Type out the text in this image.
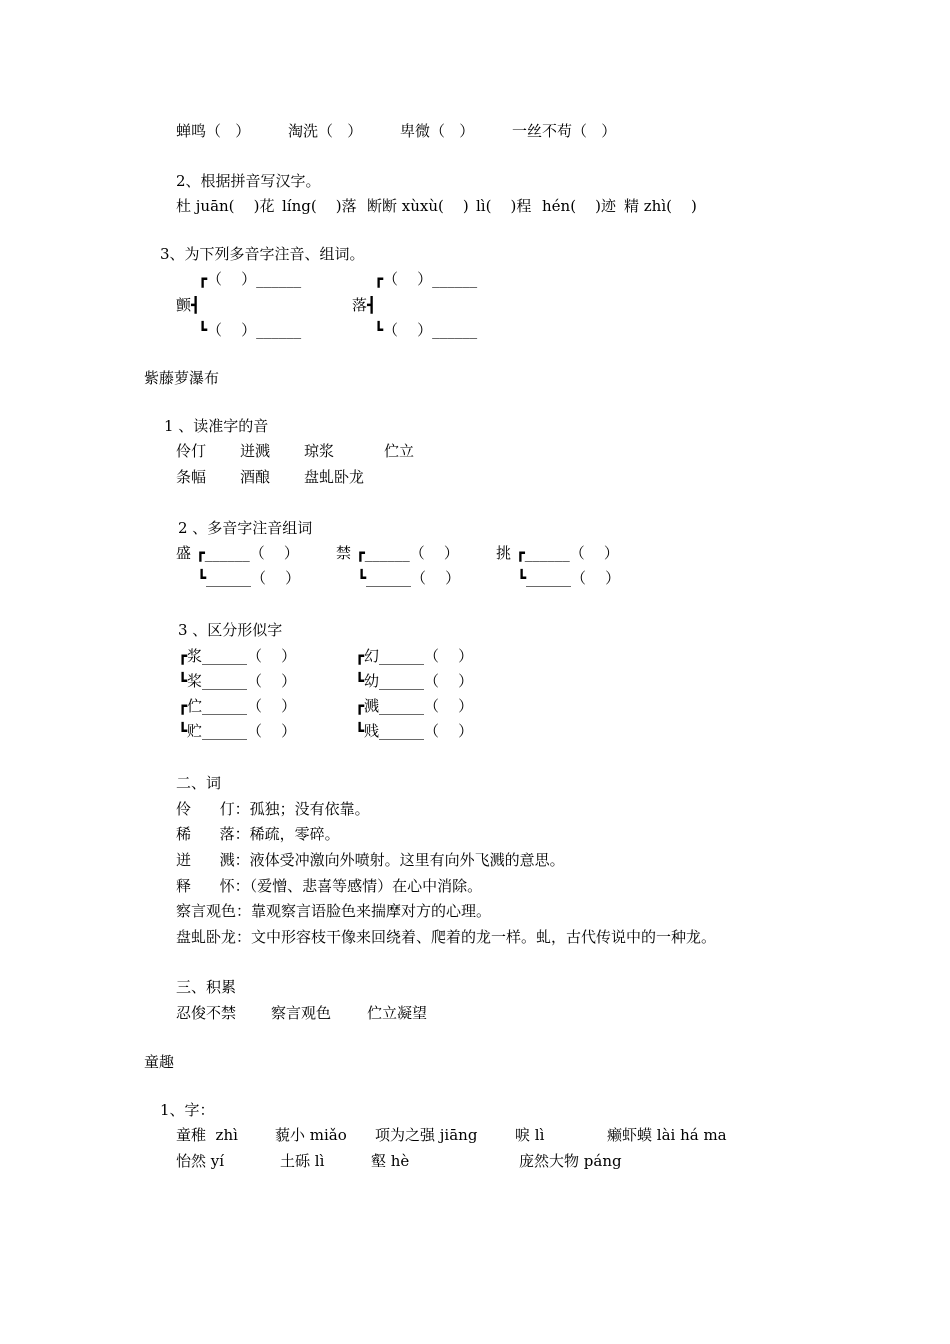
蝉鸣（   ）	淘洗（   ）	卑微（   ）	一丝不苟（   ）
2、根据拼音写汉字。
杜 juān(    )花 líng(    )落 断断 xùxù(    ) lì(    )程 hén(    )迹 精 zhì(    )
3、为下列多音字注音、组词。
┏（    ）______	┏（    ）______
颤┫	落┫
┗（    ）______	┗（    ）______
紫藤萝瀑布
1 、读准字的音
伶仃 迸溅 琼浆	伫立
条幅 酒酿 盘虬卧龙
2 、多音字注音组词
盛 ┏______（    ） 禁 ┏______（    ） 挑 ┏______（    ）
┗______（    ）	┗______（    ）	┗______（    ）
3 、区分形似字
┏浆______（    ）	┏幻______（    ）
┗桨______（    ）	┗幼______（    ）
┏伫______（    ）	┏溅______（    ）
┗贮______（    ）	┗贱______（    ）
二、词
伶      仃：孤独；没有依靠。
稀      落：稀疏，零碎。
迸      溅：液体受冲激向外喷射。这里有向外飞溅的意思。
释      怀：（爱憎、悲喜等感情）在心中消除。
察言观色：靠观察言语脸色来揣摩对方的心理。
盘虬卧龙：文中形容枝干像来回绕着、爬着的龙一样。虬，古代传说中的一种龙。
三、积累
忍俊不禁 察言观色 伫立凝望
童趣
1、字：
童稚  zhì 藐小 miǎo 项为之强 jiāng	唳 lì	癞虾蟆 lài há ma
怡然 yí	土砾 lì	壑 hè	庞然大物 páng
